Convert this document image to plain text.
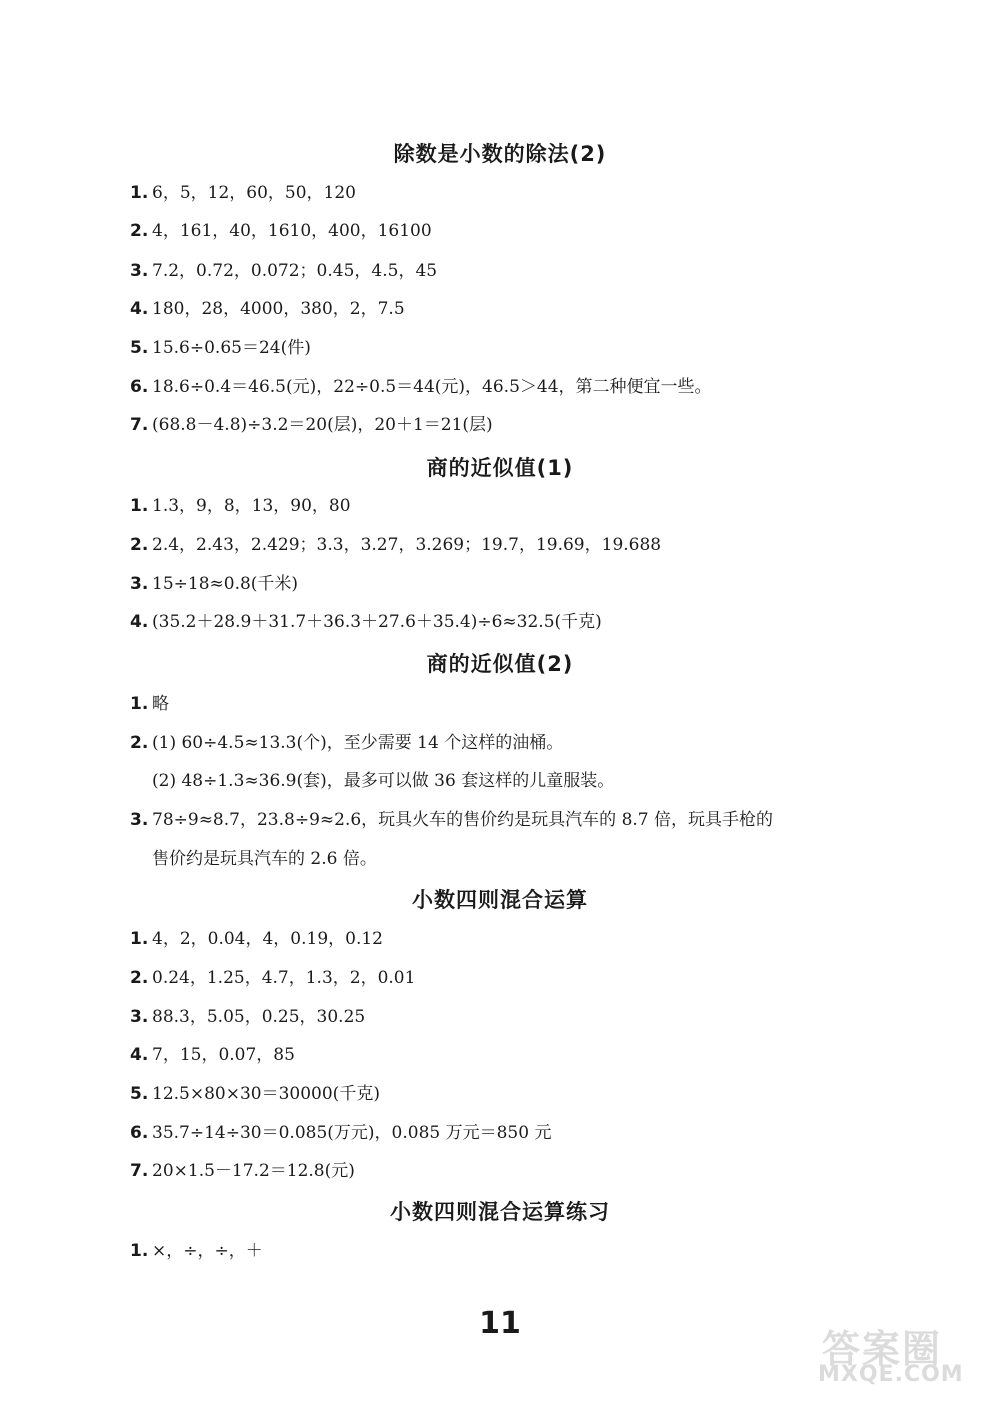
除数是小数的除法(2)
1. 6，5，12，60，50，120
2. 4，161，40，1610，400，16100
3. 7.2，0.72，0.072；0.45，4.5，45
4. 180，28，4000，380，2，7.5
5. 15.6÷0.65＝24(件)
6. 18.6÷0.4＝46.5(元)，22÷0.5＝44(元)，46.5＞44，第二种便宜一些。
7. (68.8－4.8)÷3.2＝20(层)，20＋1＝21(层)
商的近似值(1)
1. 1.3，9，8，13，90，80
2. 2.4，2.43，2.429；3.3，3.27，3.269；19.7，19.69，19.688
3. 15÷18≈0.8(千米)
4. (35.2＋28.9＋31.7＋36.3＋27.6＋35.4)÷6≈32.5(千克)
商的近似值(2)
1. 略
2. (1) 60÷4.5≈13.3(个)，至少需要 14 个这样的油桶。
(2) 48÷1.3≈36.9(套)，最多可以做 36 套这样的儿童服装。
3. 78÷9≈8.7，23.8÷9≈2.6，玩具火车的售价约是玩具汽车的 8.7 倍，玩具手枪的
售价约是玩具汽车的 2.6 倍。
小数四则混合运算
1. 4，2，0.04，4，0.19，0.12
2. 0.24，1.25，4.7，1.3，2，0.01
3. 88.3，5.05，0.25，30.25
4. 7，15，0.07，85
5. 12.5×80×30＝30000(千克)
6. 35.7÷14÷30＝0.085(万元)，0.085 万元＝850 元
7. 20×1.5－17.2＝12.8(元)
小数四则混合运算练习
1. ×，÷，÷，＋
11
答案圈
MXQE.COM
